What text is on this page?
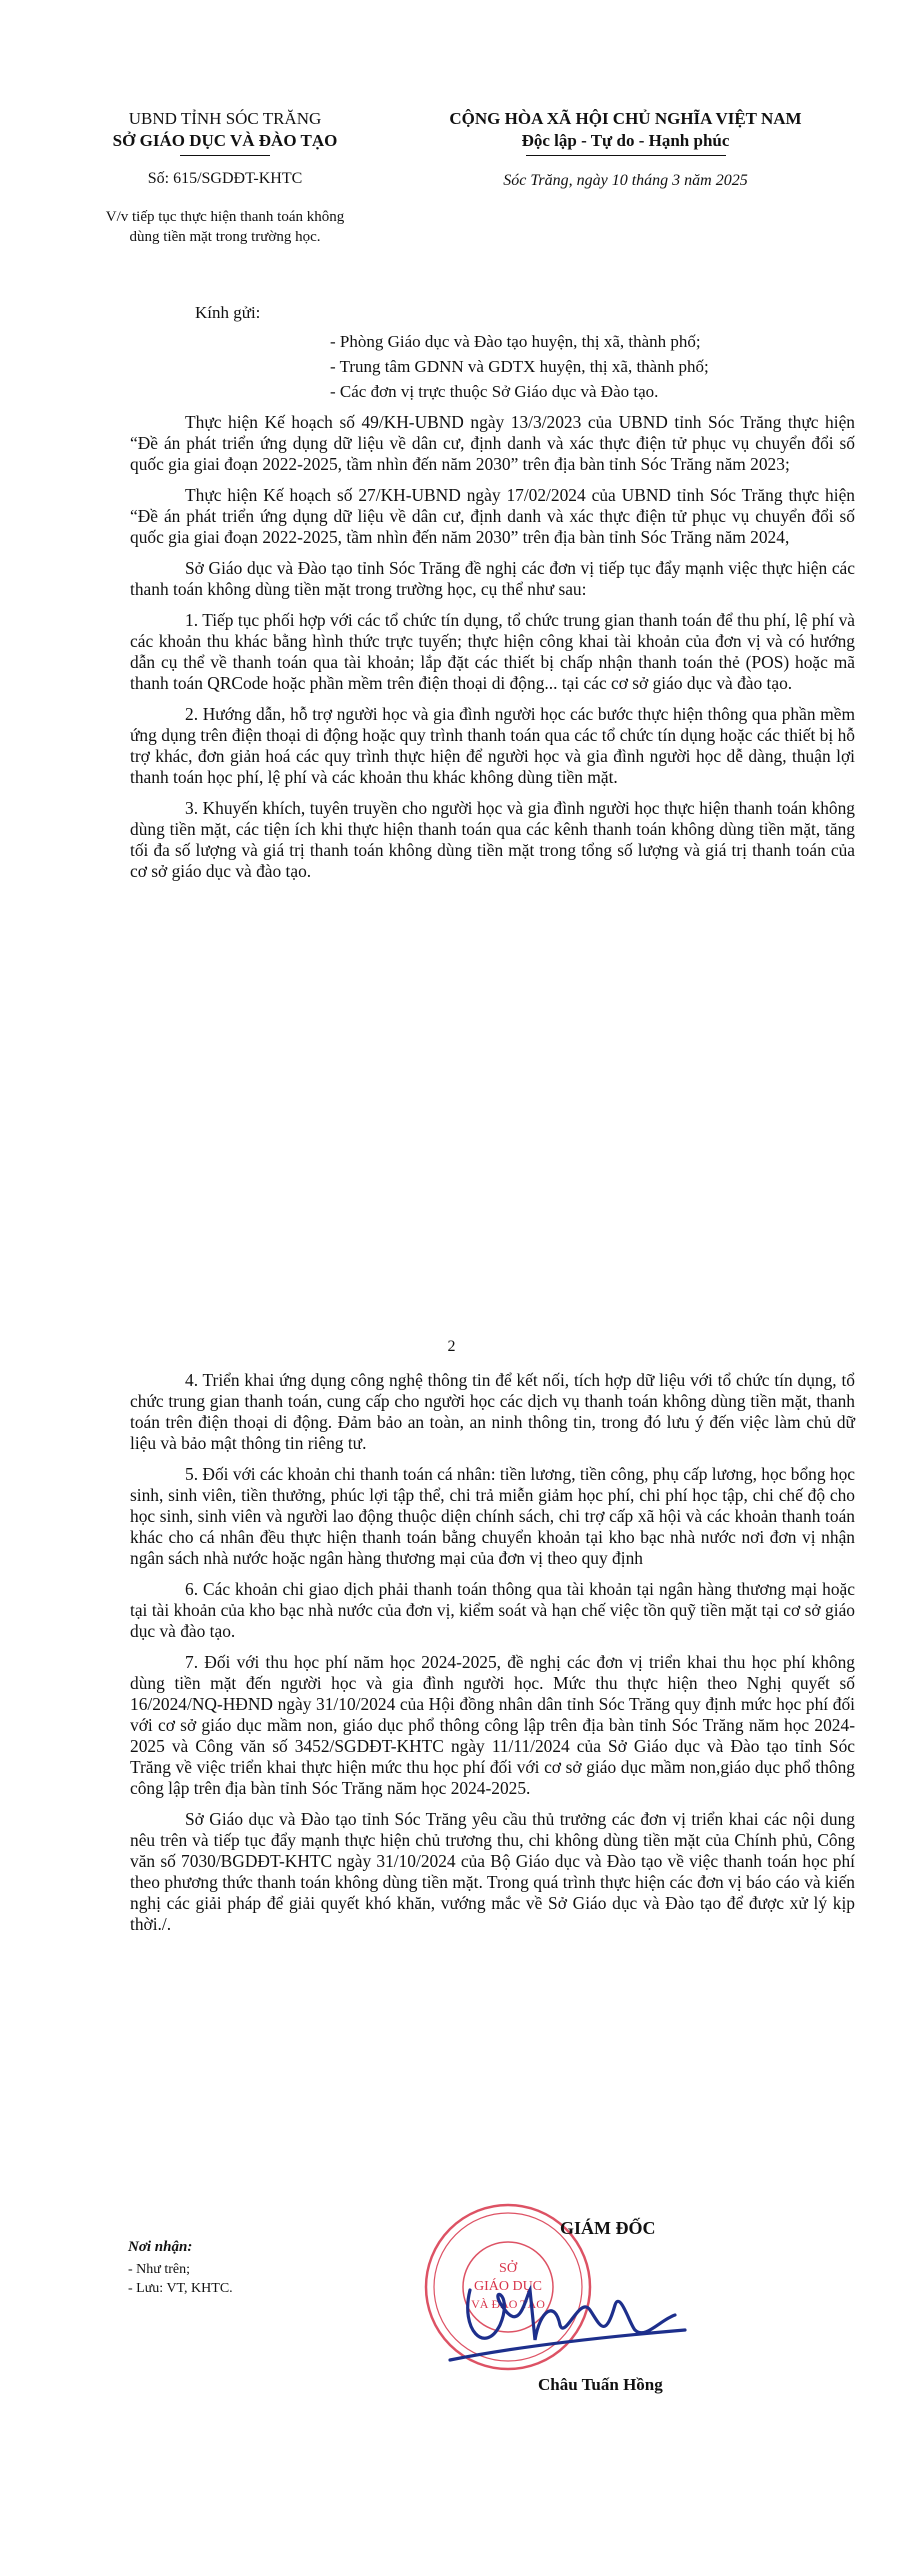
UBND TỈNH SÓC TRĂNG
SỞ GIÁO DỤC VÀ ĐÀO TẠO
CỘNG HÒA XÃ HỘI CHỦ NGHĨA VIỆT NAM
Độc lập - Tự do - Hạnh phúc
Số: 615/SGDĐT-KHTC
V/v tiếp tục thực hiện thanh toán không dùng tiền mặt trong trường học.
Sóc Trăng, ngày 10 tháng 3 năm 2025
Kính gửi:
- Phòng Giáo dục và Đào tạo huyện, thị xã, thành phố;
- Trung tâm GDNN và GDTX huyện, thị xã, thành phố;
- Các đơn vị trực thuộc Sở Giáo dục và Đào tạo.

Thực hiện Kế hoạch số 49/KH-UBND ngày 13/3/2023 của UBND tỉnh Sóc Trăng thực hiện “Đề án phát triển ứng dụng dữ liệu về dân cư, định danh và xác thực điện tử phục vụ chuyển đổi số quốc gia giai đoạn 2022-2025, tầm nhìn đến năm 2030” trên địa bàn tỉnh Sóc Trăng năm 2023;

Thực hiện Kế hoạch số 27/KH-UBND ngày 17/02/2024 của UBND tỉnh Sóc Trăng thực hiện “Đề án phát triển ứng dụng dữ liệu về dân cư, định danh và xác thực điện tử phục vụ chuyển đổi số quốc gia giai đoạn 2022-2025, tầm nhìn đến năm 2030” trên địa bàn tỉnh Sóc Trăng năm 2024,

Sở Giáo dục và Đào tạo tỉnh Sóc Trăng đề nghị các đơn vị tiếp tục đẩy mạnh việc thực hiện các thanh toán không dùng tiền mặt trong trường học, cụ thể như sau:

1. Tiếp tục phối hợp với các tổ chức tín dụng, tổ chức trung gian thanh toán để thu phí, lệ phí và các khoản thu khác bằng hình thức trực tuyến; thực hiện công khai tài khoản của đơn vị và có hướng dẫn cụ thể về thanh toán qua tài khoản; lắp đặt các thiết bị chấp nhận thanh toán thẻ (POS) hoặc mã thanh toán QRCode hoặc phần mềm trên điện thoại di động... tại các cơ sở giáo dục và đào tạo.

2. Hướng dẫn, hỗ trợ người học và gia đình người học các bước thực hiện thông qua phần mềm ứng dụng trên điện thoại di động hoặc quy trình thanh toán qua các tổ chức tín dụng hoặc các thiết bị hỗ trợ khác, đơn giản hoá các quy trình thực hiện để người học và gia đình người học dễ dàng, thuận lợi thanh toán học phí, lệ phí và các khoản thu khác không dùng tiền mặt.

3. Khuyến khích, tuyên truyền cho người học và gia đình người học thực hiện thanh toán không dùng tiền mặt, các tiện ích khi thực hiện thanh toán qua các kênh thanh toán không dùng tiền mặt, tăng tối đa số lượng và giá trị thanh toán không dùng tiền mặt trong tổng số lượng và giá trị thanh toán của cơ sở giáo dục và đào tạo.

2

4. Triển khai ứng dụng công nghệ thông tin để kết nối, tích hợp dữ liệu với tổ chức tín dụng, tổ chức trung gian thanh toán, cung cấp cho người học các dịch vụ thanh toán không dùng tiền mặt, thanh toán trên điện thoại di động. Đảm bảo an toàn, an ninh thông tin, trong đó lưu ý đến việc làm chủ dữ liệu và bảo mật thông tin riêng tư.

5. Đối với các khoản chi thanh toán cá nhân: tiền lương, tiền công, phụ cấp lương, học bổng học sinh, sinh viên, tiền thưởng, phúc lợi tập thể, chi trả miễn giảm học phí, chi phí học tập, chi chế độ cho học sinh, sinh viên và người lao động thuộc diện chính sách, chi trợ cấp xã hội và các khoản thanh toán khác cho cá nhân đều thực hiện thanh toán bằng chuyển khoản tại kho bạc nhà nước nơi đơn vị nhận ngân sách nhà nước hoặc ngân hàng thương mại của đơn vị theo quy định

6. Các khoản chi giao dịch phải thanh toán thông qua tài khoản tại ngân hàng thương mại hoặc tại tài khoản của kho bạc nhà nước của đơn vị, kiểm soát và hạn chế việc tồn quỹ tiền mặt tại cơ sở giáo dục và đào tạo.

7. Đối với thu học phí năm học 2024-2025, đề nghị các đơn vị triển khai thu học phí không dùng tiền mặt đến người học và gia đình người học. Mức thu thực hiện theo Nghị quyết số 16/2024/NQ-HĐND ngày 31/10/2024 của Hội đồng nhân dân tỉnh Sóc Trăng quy định mức học phí đối với cơ sở giáo dục mầm non, giáo dục phổ thông công lập trên địa bàn tỉnh Sóc Trăng năm học 2024-2025 và Công văn số 3452/SGDĐT-KHTC ngày 11/11/2024 của Sở Giáo dục và Đào tạo tỉnh Sóc Trăng về việc triển khai thực hiện mức thu học phí đối với cơ sở giáo dục mầm non,giáo dục phổ thông công lập trên địa bàn tỉnh Sóc Trăng năm học 2024-2025.

Sở Giáo dục và Đào tạo tỉnh Sóc Trăng yêu cầu thủ trưởng các đơn vị triển khai các nội dung nêu trên và tiếp tục đẩy mạnh thực hiện chủ trương thu, chi không dùng tiền mặt của Chính phủ, Công văn số 7030/BGDĐT-KHTC ngày 31/10/2024 của Bộ Giáo dục và Đào tạo về việc thanh toán học phí theo phương thức thanh toán không dùng tiền mặt. Trong quá trình thực hiện các đơn vị báo cáo và kiến nghị các giải pháp để giải quyết khó khăn, vướng mắc về Sở Giáo dục và Đào tạo để được xử lý kịp thời./.

Nơi nhận:
- Như trên;
- Lưu: VT, KHTC.
SỞ
GIÁO DỤC
VÀ ĐÀO TẠO
GIÁM ĐỐC
Châu Tuấn Hồng
